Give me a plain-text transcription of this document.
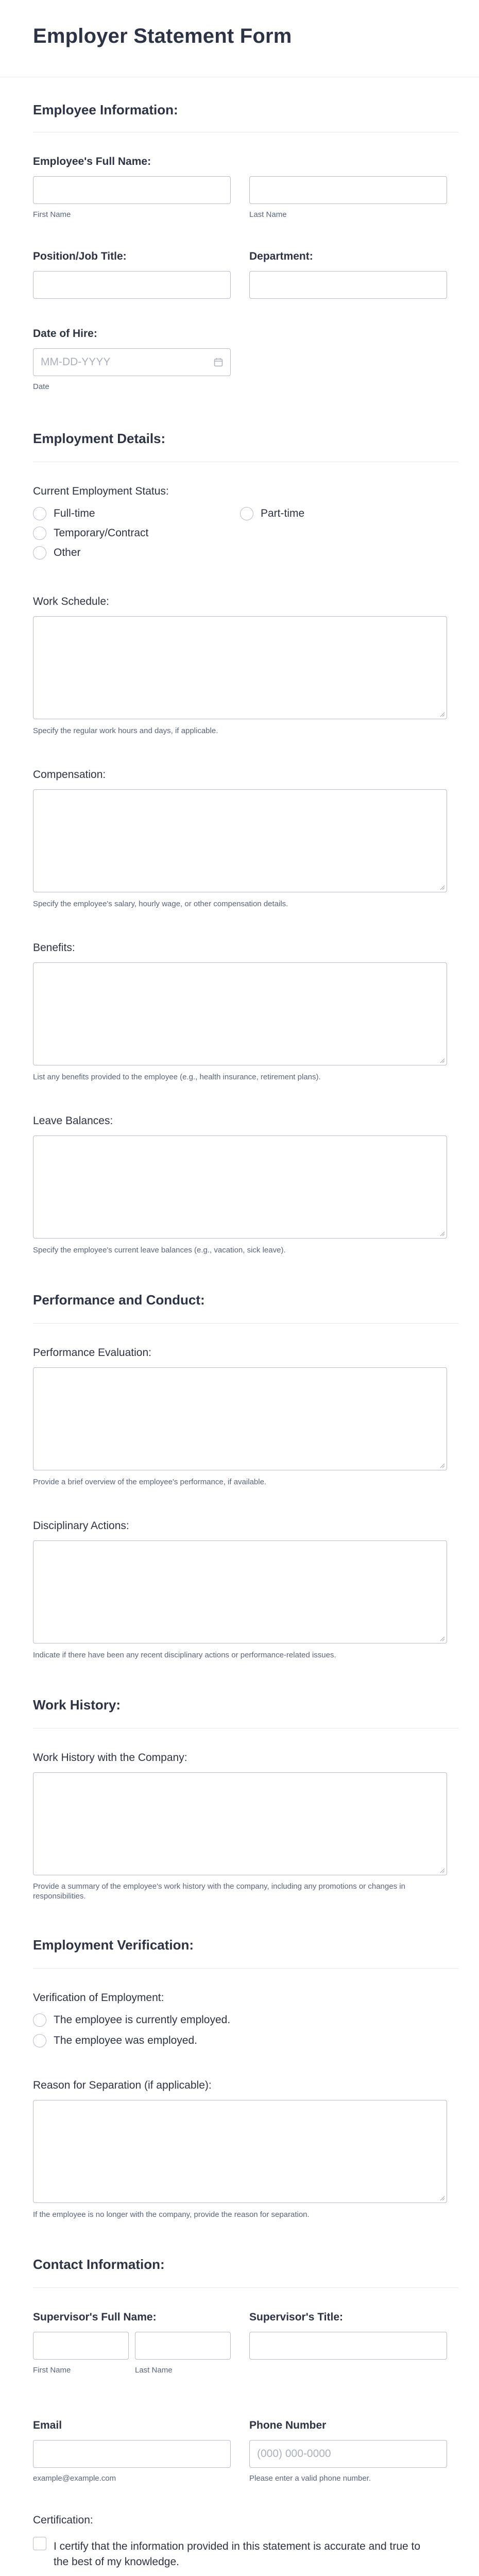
Employer Statement Form
Employee Information:
Employee's Full Name:
First Name	Last Name
Position/Job Title:	Department:
Date of Hire:
MM-DD-YYYY
Date
Employment Details:
Current Employment Status:
Full-time	Part-time
Temporary/Contract
Other
Work Schedule:
Specify the regular work hours and days, if applicable.
Compensation:
Specify the employee's salary, hourly wage, or other compensation details.
Benefits:
List any benefits provided to the employee (e.g., health insurance, retirement plans).
Leave Balances:
Specify the employee's current leave balances (e.g., vacation, sick leave).
Performance and Conduct:
Performance Evaluation:
Provide a brief overview of the employee's performance, if available.
Disciplinary Actions:
Indicate if there have been any recent disciplinary actions or performance-related issues.
Work History:
Work History with the Company:
Provide a summary of the employee's work history with the company, including any promotions or changes in responsibilities.
Employment Verification:
Verification of Employment:
The employee is currently employed.
The employee was employed.
Reason for Separation (if applicable):
If the employee is no longer with the company, provide the reason for separation.
Contact Information:
Supervisor's Full Name:
First Name	Last Name
Supervisor's Title:
Email
example@example.com
Phone Number
(000) 000-0000
Please enter a valid phone number.
Certification:
I certify that the information provided in this statement is accurate and true to the best of my knowledge.
